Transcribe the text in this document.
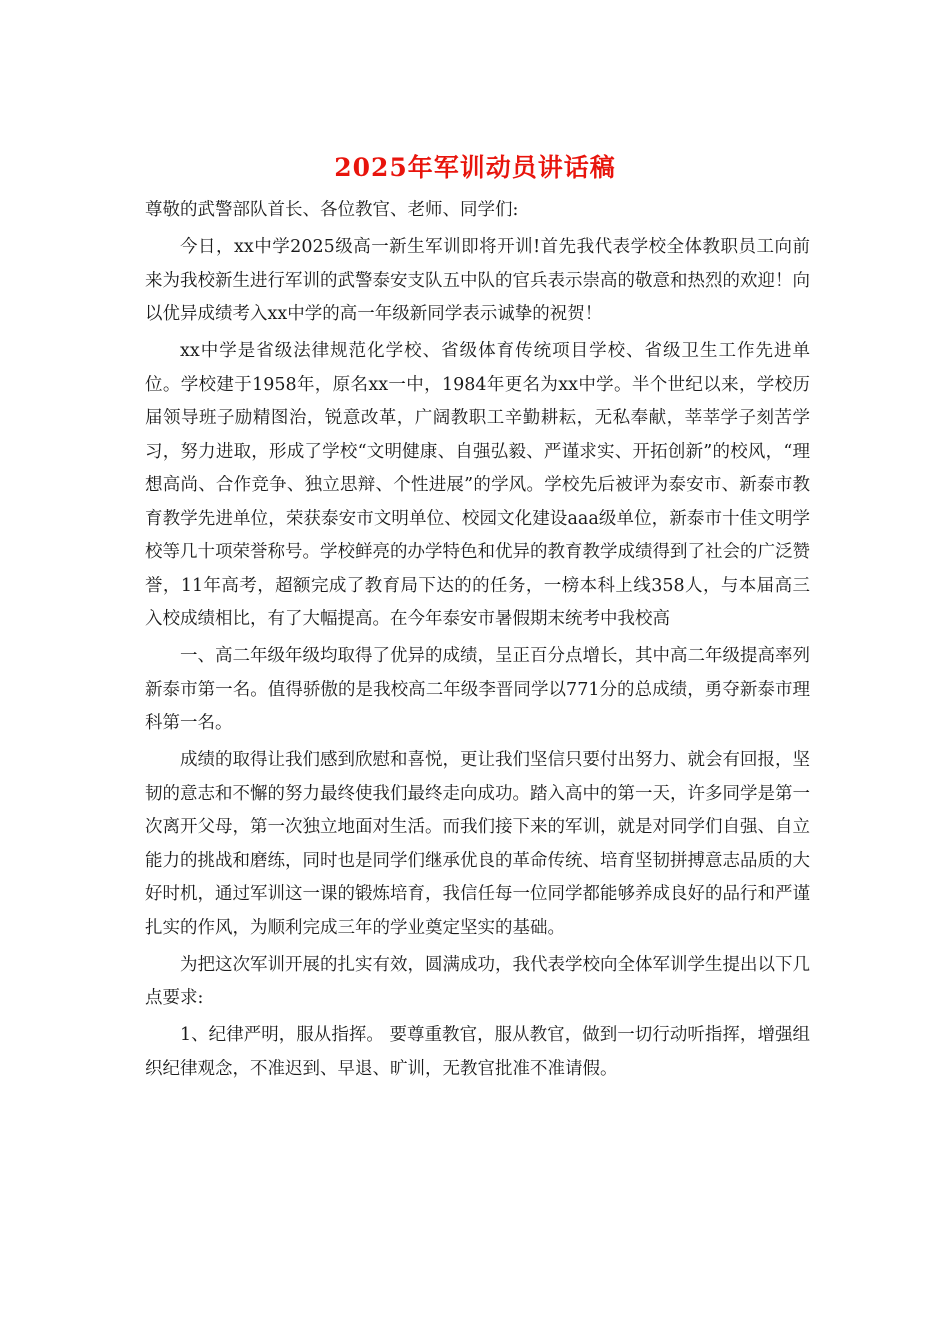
2025年军训动员讲话稿

尊敬的武警部队首长、各位教官、老师、同学们:

今日，xx中学2025级高一新生军训即将开训!首先我代表学校全体教职员工向前来为我校新生进行军训的武警泰安支队五中队的官兵表示崇高的敬意和热烈的欢迎！向以优异成绩考入xx中学的高一年级新同学表示诚挚的祝贺！

xx中学是省级法律规范化学校、省级体育传统项目学校、省级卫生工作先进单位。学校建于1958年，原名xx一中，1984年更名为xx中学。半个世纪以来，学校历届领导班子励精图治，锐意改革，广阔教职工辛勤耕耘，无私奉献，莘莘学子刻苦学习，努力进取，形成了学校“文明健康、自强弘毅、严谨求实、开拓创新”的校风，“理想高尚、合作竞争、独立思辩、个性进展”的学风。学校先后被评为泰安市、新泰市教育教学先进单位，荣获泰安市文明单位、校园文化建设aaa级单位，新泰市十佳文明学校等几十项荣誉称号。学校鲜亮的办学特色和优异的教育教学成绩得到了社会的广泛赞誉，11年高考，超额完成了教育局下达的的任务，一榜本科上线358人，与本届高三入校成绩相比，有了大幅提高。在今年泰安市暑假期末统考中我校高

一、高二年级年级均取得了优异的成绩，呈正百分点增长，其中高二年级提高率列新泰市第一名。值得骄傲的是我校高二年级李晋同学以771分的总成绩，勇夺新泰市理科第一名。

成绩的取得让我们感到欣慰和喜悦，更让我们坚信只要付出努力、就会有回报，坚韧的意志和不懈的努力最终使我们最终走向成功。踏入高中的第一天，许多同学是第一次离开父母，第一次独立地面对生活。而我们接下来的军训，就是对同学们自强、自立能力的挑战和磨练，同时也是同学们继承优良的革命传统、培育坚韧拼搏意志品质的大好时机，通过军训这一课的锻炼培育，我信任每一位同学都能够养成良好的品行和严谨扎实的作风，为顺利完成三年的学业奠定坚实的基础。

为把这次军训开展的扎实有效，圆满成功，我代表学校向全体军训学生提出以下几点要求:

1、纪律严明，服从指挥。 要尊重教官，服从教官，做到一切行动听指挥，增强组织纪律观念，不准迟到、早退、旷训，无教官批准不准请假。
